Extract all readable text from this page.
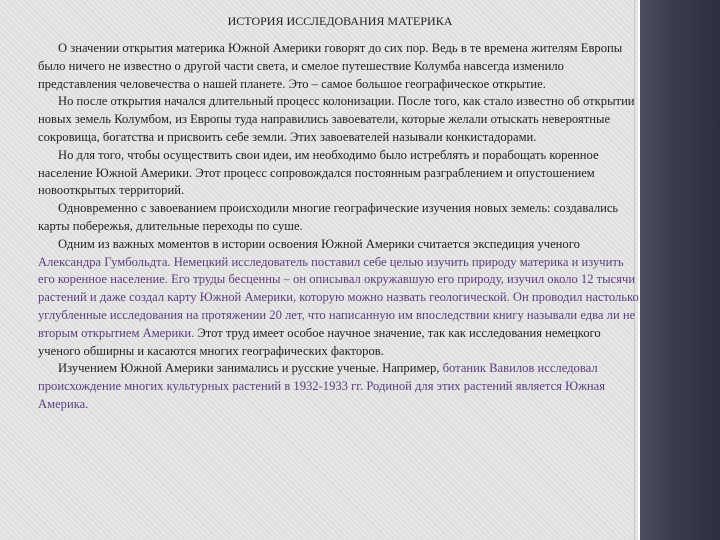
ИСТОРИЯ ИССЛЕДОВАНИЯ МАТЕРИКА

О значении открытия материка Южной Америки говорят до сих пор. Ведь в те времена жителям Европы было ничего не известно о другой части света, и смелое путешествие Колумба навсегда изменило представления человечества о нашей планете. Это – самое большое географическое открытие.

Но после открытия начался длительный процесс колонизации. После того, как стало известно об открытии новых земель Колумбом, из Европы туда направились завоеватели, которые желали отыскать невероятные сокровища, богатства и присвоить себе земли. Этих завоевателей называли конкистадорами.

Но для того, чтобы осуществить свои идеи, им необходимо было истреблять и порабощать коренное население Южной Америки. Этот процесс сопровождался постоянным разграблением и опустошением новооткрытых территорий.

Одновременно с завоеванием происходили многие географические изучения новых земель: создавались карты побережья, длительные переходы по суше.

Одним из важных моментов в истории освоения Южной Америки считается экспедиция ученого Александра Гумбольдта. Немецкий исследователь поставил себе целью изучить природу материка и изучить его коренное население. Его труды бесценны – он описывал окружавшую его природу, изучил около 12 тысячи растений и даже создал карту Южной Америки, которую можно назвать геологической. Он проводил настолько углубленные исследования на протяжении 20 лет, что написанную им впоследствии книгу называли едва ли не вторым открытием Америки. Этот труд имеет особое научное значение, так как исследования немецкого ученого обширны и касаются многих географических факторов.

Изучением Южной Америки занимались и русские ученые. Например, ботаник Вавилов исследовал происхождение многих культурных растений в 1932-1933 гг. Родиной для этих растений является Южная Америка.
